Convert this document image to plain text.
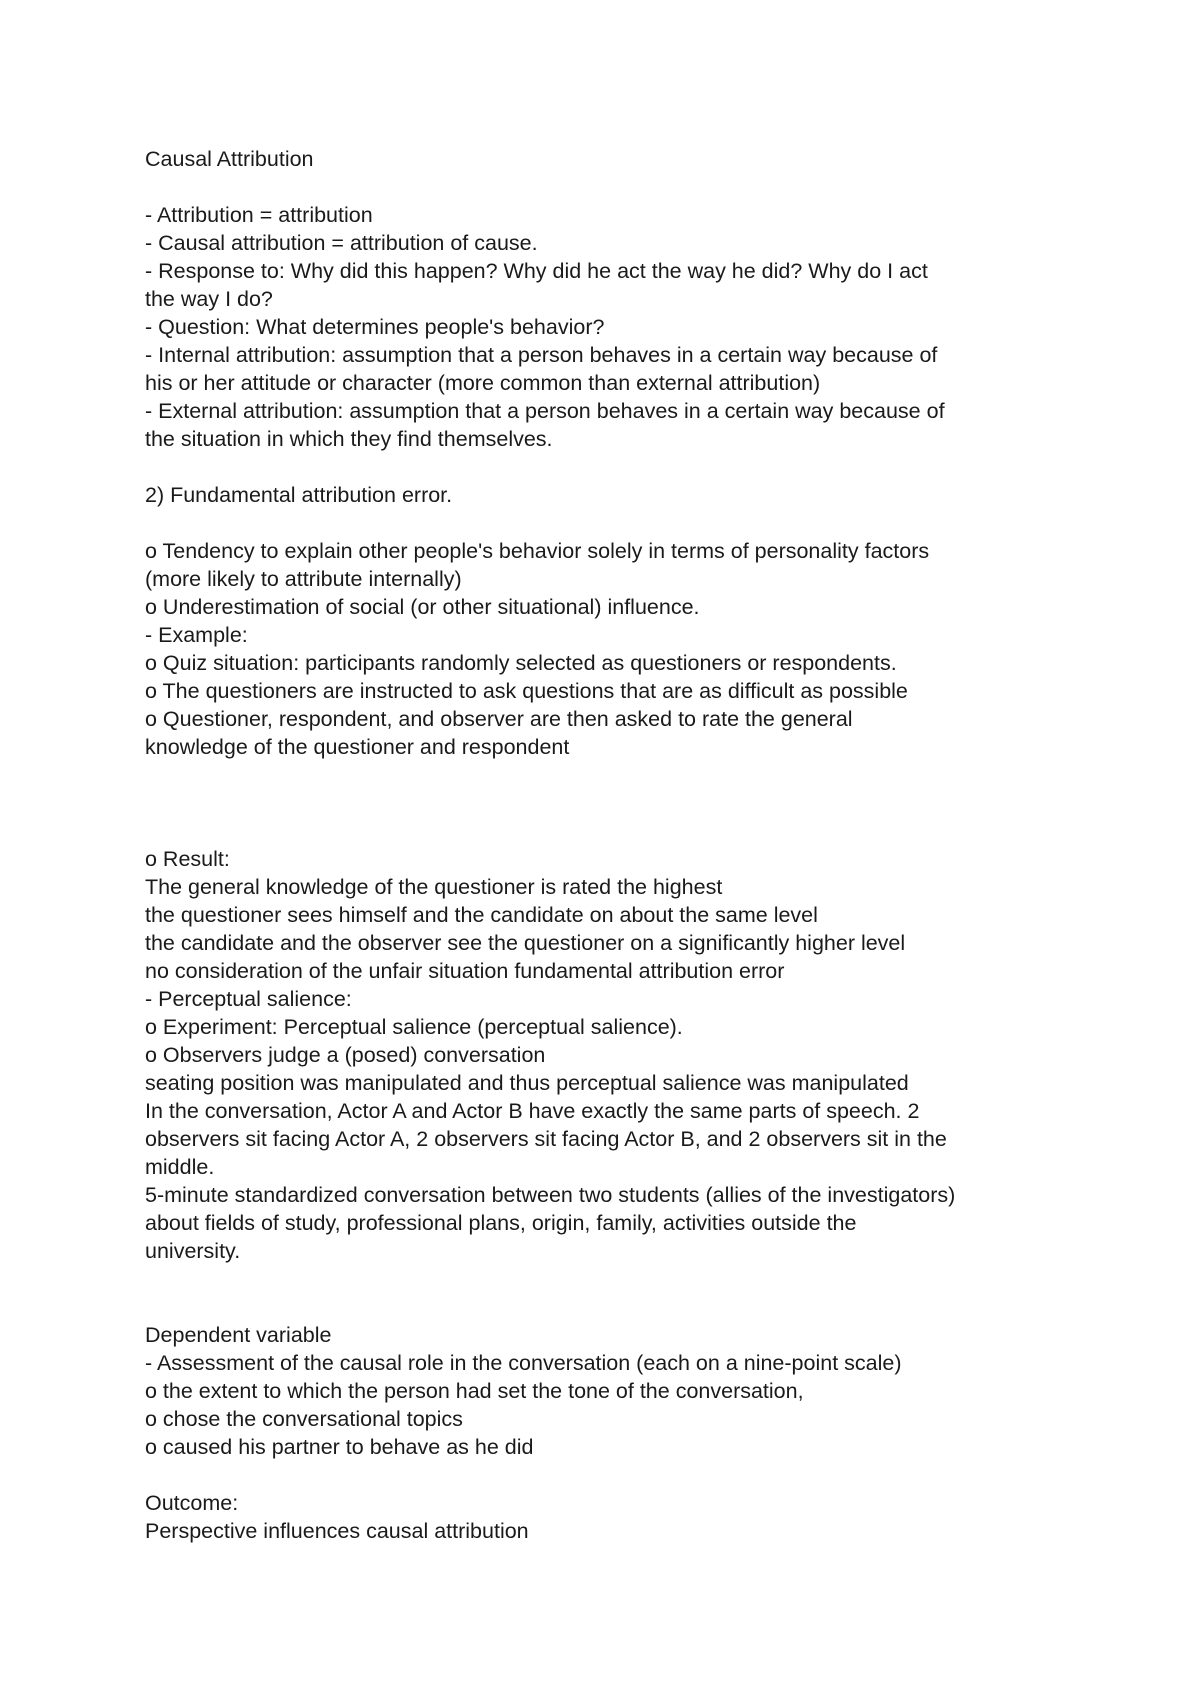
Causal Attribution
- Attribution = attribution
- Causal attribution = attribution of cause.
- Response to: Why did this happen? Why did he act the way he did? Why do I act
the way I do?
- Question: What determines people's behavior?
- Internal attribution: assumption that a person behaves in a certain way because of
his or her attitude or character (more common than external attribution)
- External attribution: assumption that a person behaves in a certain way because of
the situation in which they find themselves.
2) Fundamental attribution error.
o Tendency to explain other people's behavior solely in terms of personality factors
(more likely to attribute internally)
o Underestimation of social (or other situational) influence.
- Example:
o Quiz situation: participants randomly selected as questioners or respondents.
o The questioners are instructed to ask questions that are as difficult as possible
o Questioner, respondent, and observer are then asked to rate the general
knowledge of the questioner and respondent
o Result:
The general knowledge of the questioner is rated the highest
the questioner sees himself and the candidate on about the same level
the candidate and the observer see the questioner on a significantly higher level
no consideration of the unfair situation fundamental attribution error
- Perceptual salience:
o Experiment: Perceptual salience (perceptual salience).
o Observers judge a (posed) conversation
seating position was manipulated and thus perceptual salience was manipulated
In the conversation, Actor A and Actor B have exactly the same parts of speech. 2
observers sit facing Actor A, 2 observers sit facing Actor B, and 2 observers sit in the
middle.
5-minute standardized conversation between two students (allies of the investigators)
about fields of study, professional plans, origin, family, activities outside the
university.
Dependent variable
- Assessment of the causal role in the conversation (each on a nine-point scale)
o the extent to which the person had set the tone of the conversation,
o chose the conversational topics
o caused his partner to behave as he did
Outcome:
Perspective influences causal attribution
